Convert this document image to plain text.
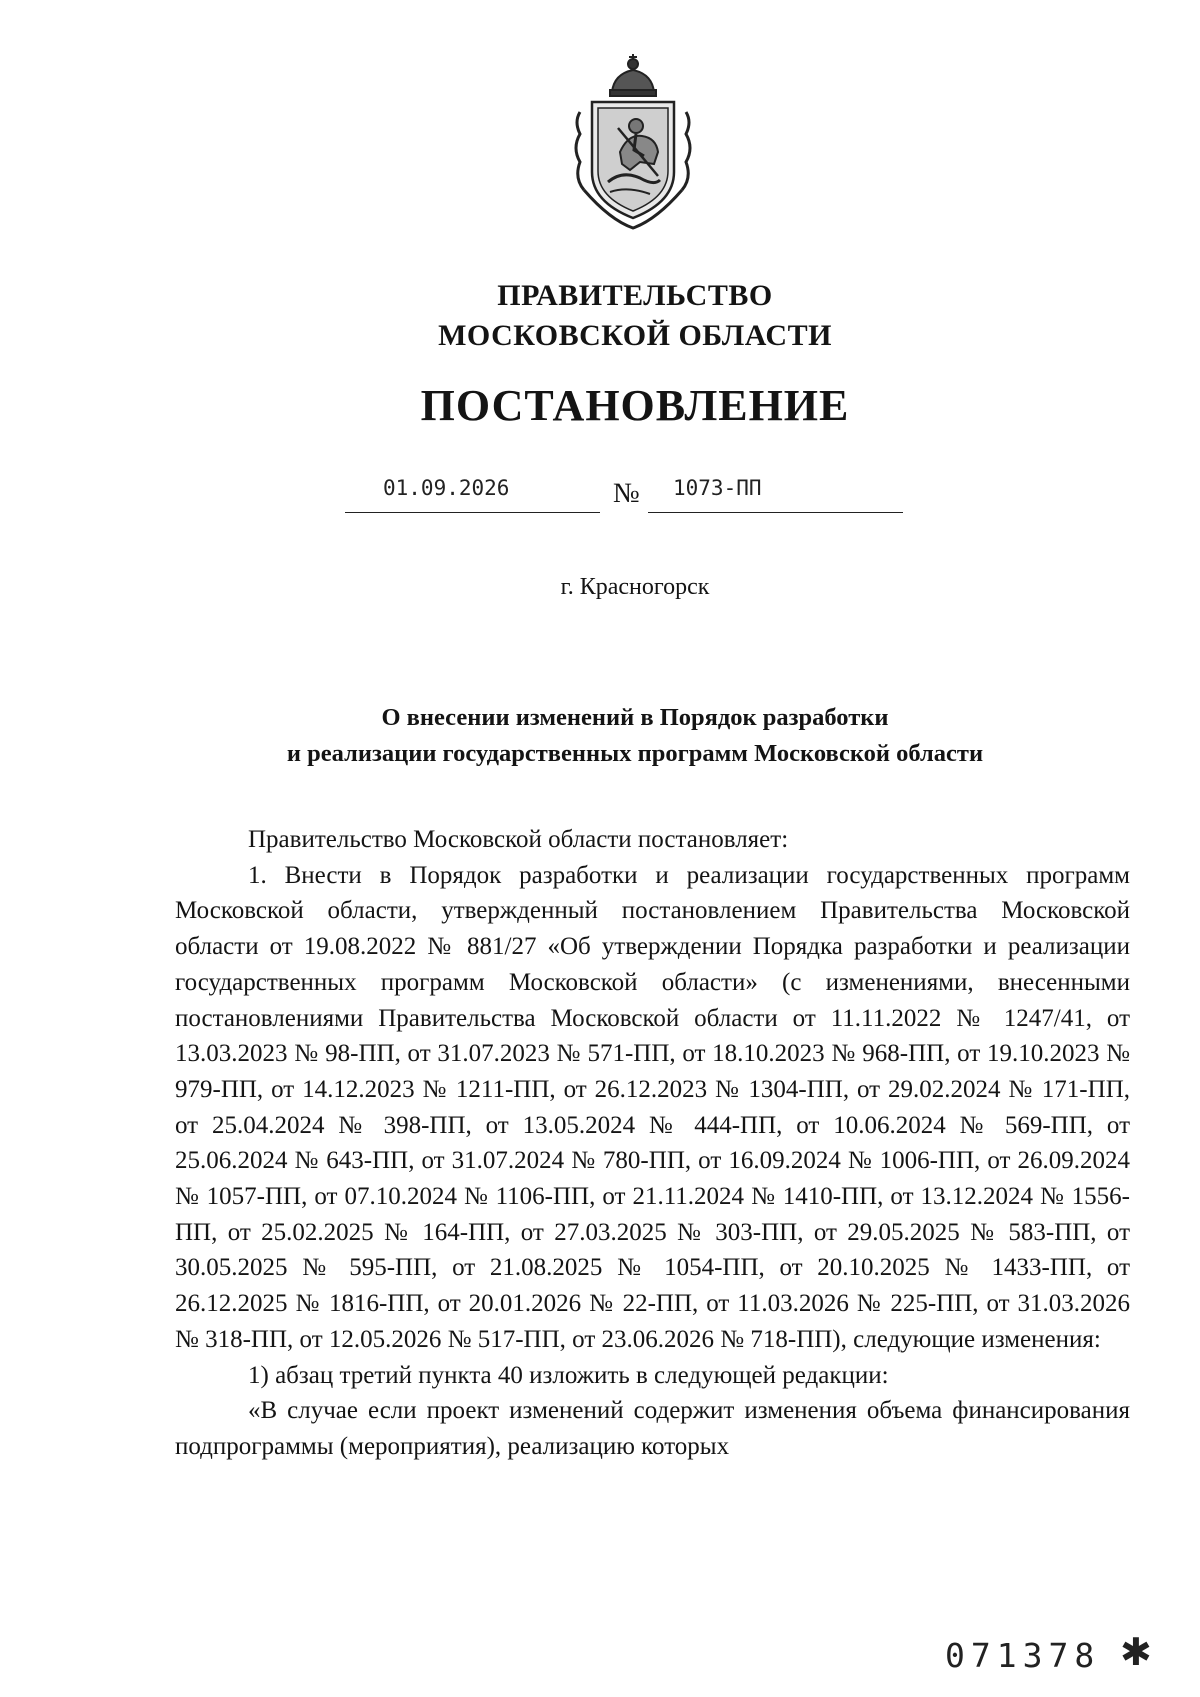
ПРАВИТЕЛЬСТВО
МОСКОВСКОЙ ОБЛАСТИ
ПОСТАНОВЛЕНИЕ
01.09.2026	№ 1073-ПП
г. Красногорск
О внесении изменений в Порядок разработки
и реализации государственных программ Московской области

Правительство Московской области постановляет:

1. Внести в Порядок разработки и реализации государственных программ Московской области, утвержденный постановлением Правительства Московской области от 19.08.2022 № 881/27 «Об утверждении Порядка разработки и реализации государственных программ Московской области» (с изменениями, внесенными постановлениями Правительства Московской области от 11.11.2022 № 1247/41, от 13.03.2023 № 98-ПП, от 31.07.2023 № 571-ПП, от 18.10.2023 № 968-ПП, от 19.10.2023 № 979-ПП, от 14.12.2023 № 1211-ПП, от 26.12.2023 № 1304-ПП, от 29.02.2024 № 171-ПП, от 25.04.2024 № 398-ПП, от 13.05.2024 № 444-ПП, от 10.06.2024 № 569-ПП, от 25.06.2024 № 643-ПП, от 31.07.2024 № 780-ПП, от 16.09.2024 № 1006-ПП, от 26.09.2024 № 1057-ПП, от 07.10.2024 № 1106-ПП, от 21.11.2024 № 1410-ПП, от 13.12.2024 № 1556-ПП, от 25.02.2025 № 164-ПП, от 27.03.2025 № 303-ПП, от 29.05.2025 № 583-ПП, от 30.05.2025 № 595-ПП, от 21.08.2025 № 1054-ПП, от 20.10.2025 № 1433-ПП, от 26.12.2025 № 1816-ПП, от 20.01.2026 № 22-ПП, от 11.03.2026 № 225-ПП, от 31.03.2026 № 318-ПП, от 12.05.2026 № 517-ПП, от 23.06.2026 № 718-ПП), следующие изменения:

1) абзац третий пункта 40 изложить в следующей редакции:

«В случае если проект изменений содержит изменения объема финансирования подпрограммы (мероприятия), реализацию которых

071378 ✱
